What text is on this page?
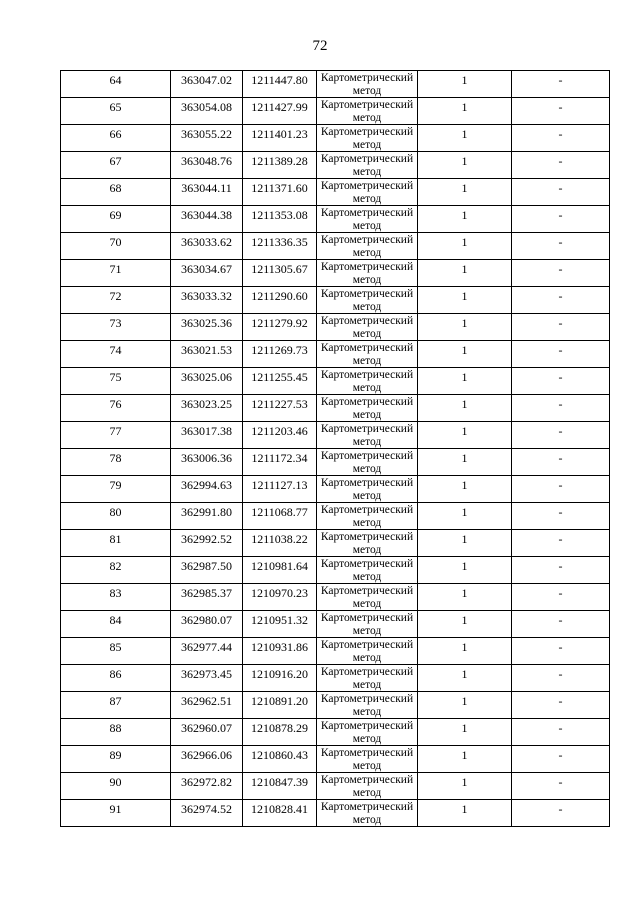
72
64	363047.02	1211447.80	Картометрический метод	1	-

65	363054.08	1211427.99	Картометрический метод	1	-

66	363055.22	1211401.23	Картометрический метод	1	-

67	363048.76	1211389.28	Картометрический метод	1	-

68	363044.11	1211371.60	Картометрический метод	1	-

69	363044.38	1211353.08	Картометрический метод	1	-

70	363033.62	1211336.35	Картометрический метод	1	-

71	363034.67	1211305.67	Картометрический метод	1	-

72	363033.32	1211290.60	Картометрический метод	1	-

73	363025.36	1211279.92	Картометрический метод	1	-

74	363021.53	1211269.73	Картометрический метод	1	-

75	363025.06	1211255.45	Картометрический метод	1	-

76	363023.25	1211227.53	Картометрический метод	1	-

77	363017.38	1211203.46	Картометрический метод	1	-

78	363006.36	1211172.34	Картометрический метод	1	-

79	362994.63	1211127.13	Картометрический метод	1	-

80	362991.80	1211068.77	Картометрический метод	1	-

81	362992.52	1211038.22	Картометрический метод	1	-

82	362987.50	1210981.64	Картометрический метод	1	-

83	362985.37	1210970.23	Картометрический метод	1	-

84	362980.07	1210951.32	Картометрический метод	1	-

85	362977.44	1210931.86	Картометрический метод	1	-

86	362973.45	1210916.20	Картометрический метод	1	-

87	362962.51	1210891.20	Картометрический метод	1	-

88	362960.07	1210878.29	Картометрический метод	1	-

89	362966.06	1210860.43	Картометрический метод	1	-

90	362972.82	1210847.39	Картометрический метод	1	-

91	362974.52	1210828.41	Картометрический метод	1	-
